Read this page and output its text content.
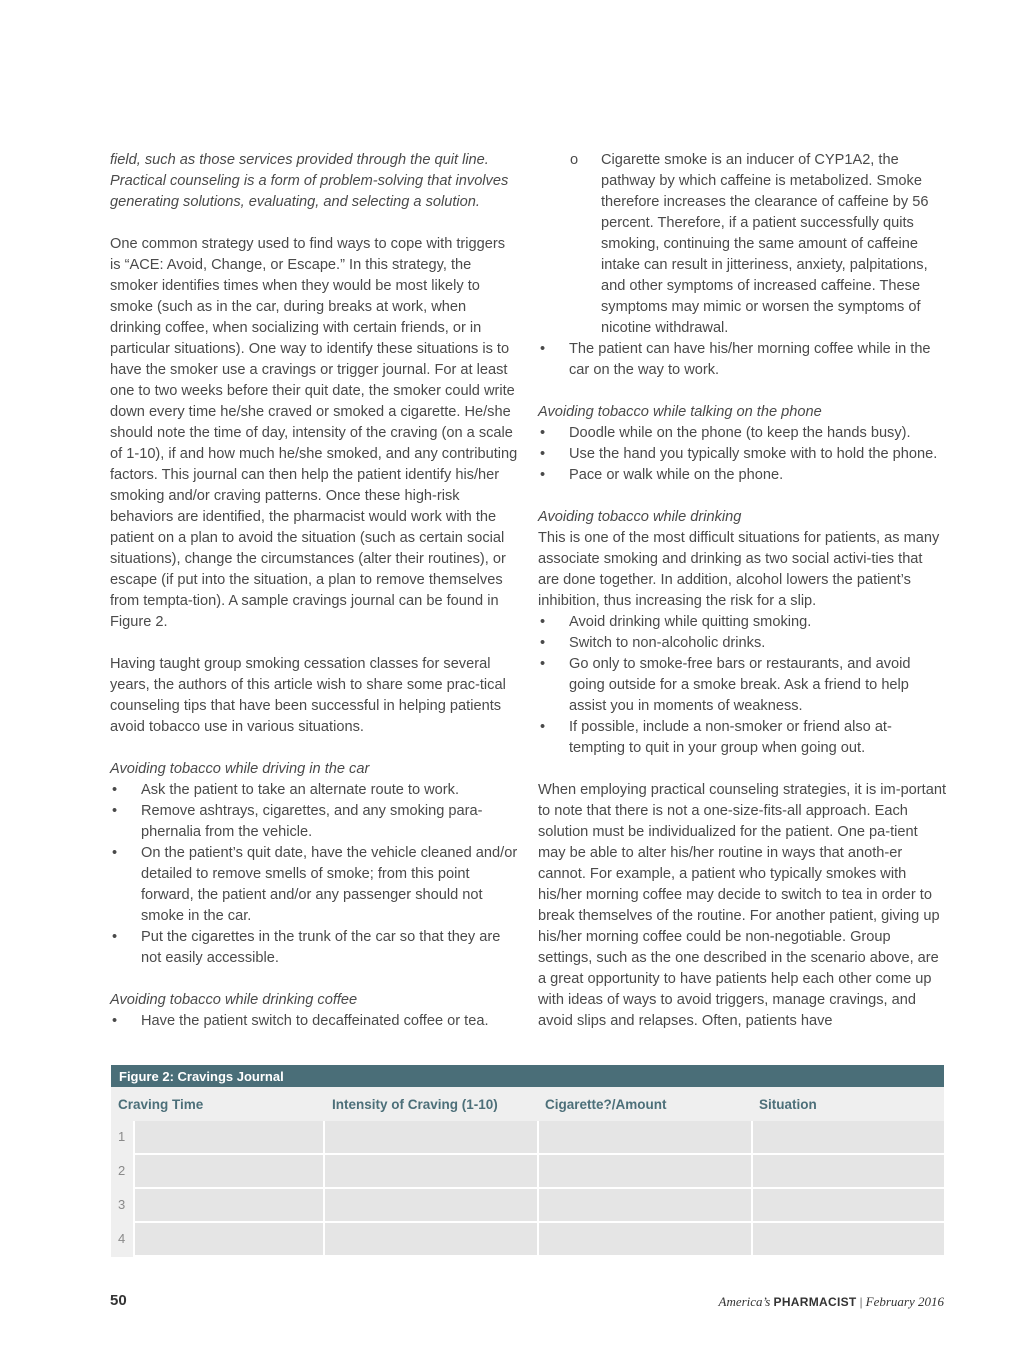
field, such as those services provided through the quit line. Practical counseling is a form of problem-solving that involves generating solutions, evaluating, and selecting a solution.

One common strategy used to find ways to cope with triggers is “ACE: Avoid, Change, or Escape.” In this strategy, the smoker identifies times when they would be most likely to smoke (such as in the car, during breaks at work, when drinking coffee, when socializing with certain friends, or in particular situations). One way to identify these situations is to have the smoker use a cravings or trigger journal. For at least one to two weeks before their quit date, the smoker could write down every time he/she craved or smoked a cigarette. He/she should note the time of day, intensity of the craving (on a scale of 1-10), if and how much he/she smoked, and any contributing factors. This journal can then help the patient identify his/her smoking and/or craving patterns. Once these high-risk behaviors are identified, the pharmacist would work with the patient on a plan to avoid the situation (such as certain social situations), change the circumstances (alter their routines), or escape (if put into the situation, a plan to remove themselves from tempta-tion). A sample cravings journal can be found in Figure 2.

Having taught group smoking cessation classes for several years, the authors of this article wish to share some prac-tical counseling tips that have been successful in helping patients avoid tobacco use in various situations.

Avoiding tobacco while driving in the car
• Ask the patient to take an alternate route to work.
• Remove ashtrays, cigarettes, and any smoking para-phernalia from the vehicle.
• On the patient’s quit date, have the vehicle cleaned and/or detailed to remove smells of smoke; from this point forward, the patient and/or any passenger should not smoke in the car.
• Put the cigarettes in the trunk of the car so that they are not easily accessible.
Avoiding tobacco while drinking coffee
• Have the patient switch to decaffeinated coffee or tea.
o Cigarette smoke is an inducer of CYP1A2, the pathway by which caffeine is metabolized. Smoke therefore increases the clearance of caffeine by 56 percent. Therefore, if a patient successfully quits smoking, continuing the same amount of caffeine intake can result in jitteriness, anxiety, palpitations, and other symptoms of increased caffeine. These symptoms may mimic or worsen the symptoms of nicotine withdrawal.
• The patient can have his/her morning coffee while in the car on the way to work.
Avoiding tobacco while talking on the phone
• Doodle while on the phone (to keep the hands busy).
• Use the hand you typically smoke with to hold the phone.
• Pace or walk while on the phone.
Avoiding tobacco while drinking

This is one of the most difficult situations for patients, as many associate smoking and drinking as two social activi-ties that are done together. In addition, alcohol lowers the patient’s inhibition, thus increasing the risk for a slip.

• Avoid drinking while quitting smoking.
• Switch to non-alcoholic drinks.
• Go only to smoke-free bars or restaurants, and avoid going outside for a smoke break. Ask a friend to help assist you in moments of weakness.
• If possible, include a non-smoker or friend also at-tempting to quit in your group when going out.

When employing practical counseling strategies, it is im-portant to note that there is not a one-size-fits-all approach. Each solution must be individualized for the patient. One pa-tient may be able to alter his/her routine in ways that anoth-er cannot. For example, a patient who typically smokes with his/her morning coffee may decide to switch to tea in order to break themselves of the routine. For another patient, giving up his/her morning coffee could be non-negotiable. Group settings, such as the one described in the scenario above, are a great opportunity to have patients help each other come up with ideas of ways to avoid triggers, manage cravings, and avoid slips and relapses. Often, patients have

Figure 2: Cravings Journal
Craving Time	Intensity of Craving (1-10)	Cigarette?/Amount	Situation
1
2
3
4
50	America’s PHARMACIST | February 2016
